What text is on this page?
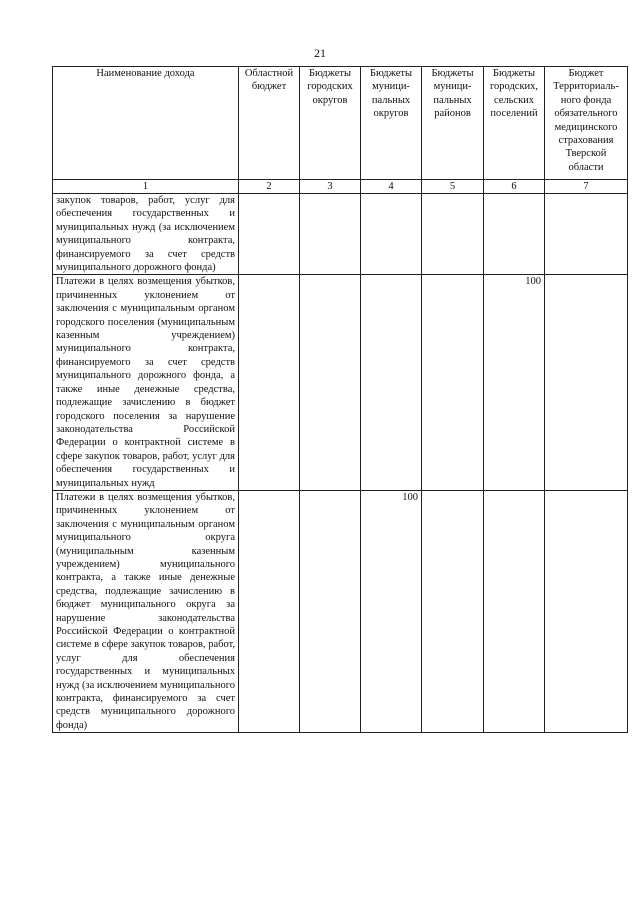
21
Наименование дохода	Областной бюджет	Бюджеты городских округов	Бюджеты муници-пальных округов	Бюджеты муници-пальных районов	Бюджеты городских, сельских поселений	Бюджет Территориаль-ного фонда обязательного медицинского страхования Тверской области
1	2	3	4	5	6	7
закупок товаров, работ, услуг для обеспечения государственных и муниципальных нужд (за исключением муниципального контракта, финансируемого за счет средств муниципального дорожного фонда)						
Платежи в целях возмещения убытков, причиненных уклонением от заключения с муниципальным органом городского поселения (муниципальным казенным учреждением) муниципального контракта, финансируемого за счет средств муниципального дорожного фонда, а также иные денежные средства, подлежащие зачислению в бюджет городского поселения за нарушение законодательства Российской Федерации о контрактной системе в сфере закупок товаров, работ, услуг для обеспечения государственных и муниципальных нужд					100	
Платежи в целях возмещения убытков, причиненных уклонением от заключения с муниципальным органом муниципального округа (муниципальным казенным учреждением) муниципального контракта, а также иные денежные средства, подлежащие зачислению в бюджет муниципального округа за нарушение законодательства Российской Федерации о контрактной системе в сфере закупок товаров, работ, услуг для обеспечения государственных и муниципальных нужд (за исключением муниципального контракта, финансируемого за счет средств муниципального дорожного фонда)			100			
